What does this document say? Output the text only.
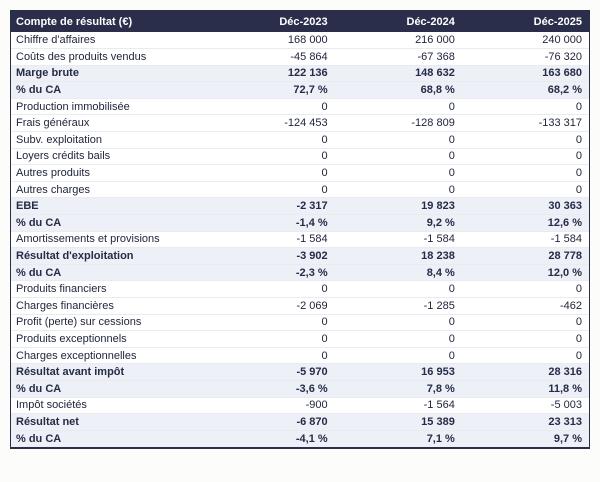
Compte de résultat (€)	Déc-2023	Déc-2024	Déc-2025
Chiffre d'affaires	168 000	216 000	240 000
Coûts des produits vendus	-45 864	-67 368	-76 320
Marge brute	122 136	148 632	163 680
% du CA	72,7 %	68,8 %	68,2 %
Production immobilisée	0	0	0
Frais généraux	-124 453	-128 809	-133 317
Subv. exploitation	0	0	0
Loyers crédits bails	0	0	0
Autres produits	0	0	0
Autres charges	0	0	0
EBE	-2 317	19 823	30 363
% du CA	-1,4 %	9,2 %	12,6 %
Amortissements et provisions	-1 584	-1 584	-1 584
Résultat d'exploitation	-3 902	18 238	28 778
% du CA	-2,3 %	8,4 %	12,0 %
Produits financiers	0	0	0
Charges financières	-2 069	-1 285	-462
Profit (perte) sur cessions	0	0	0
Produits exceptionnels	0	0	0
Charges exceptionnelles	0	0	0
Résultat avant impôt	-5 970	16 953	28 316
% du CA	-3,6 %	7,8 %	11,8 %
Impôt sociétés	-900	-1 564	-5 003
Résultat net	-6 870	15 389	23 313
% du CA	-4,1 %	7,1 %	9,7 %
